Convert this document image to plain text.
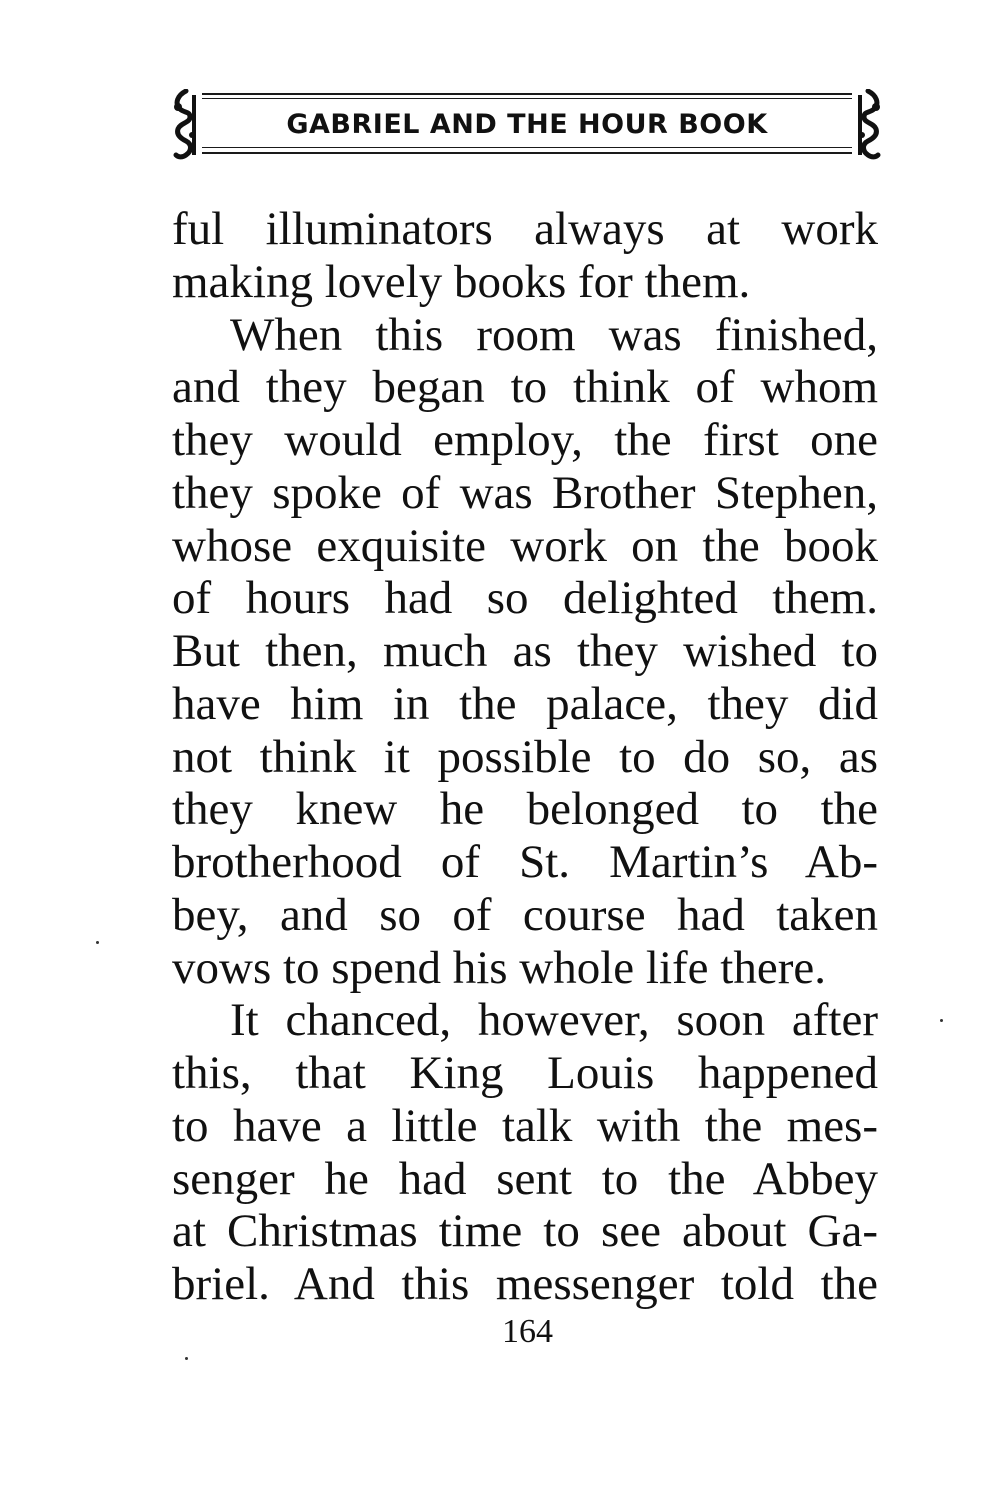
GABRIEL AND THE HOUR BOOK
ful illuminators always at work
making lovely books for them.
When this room was finished,
and they began to think of whom
they would employ, the first one
they spoke of was Brother Stephen,
whose exquisite work on the book
of hours had so delighted them.
But then, much as they wished to
have him in the palace, they did
not think it possible to do so, as
they knew he belonged to the
brotherhood of St. Martin’s Ab-
bey, and so of course had taken
vows to spend his whole life there.
It chanced, however, soon after
this, that King Louis happened
to have a little talk with the mes-
senger he had sent to the Abbey
at Christmas time to see about Ga-
briel. And this messenger told the
164
